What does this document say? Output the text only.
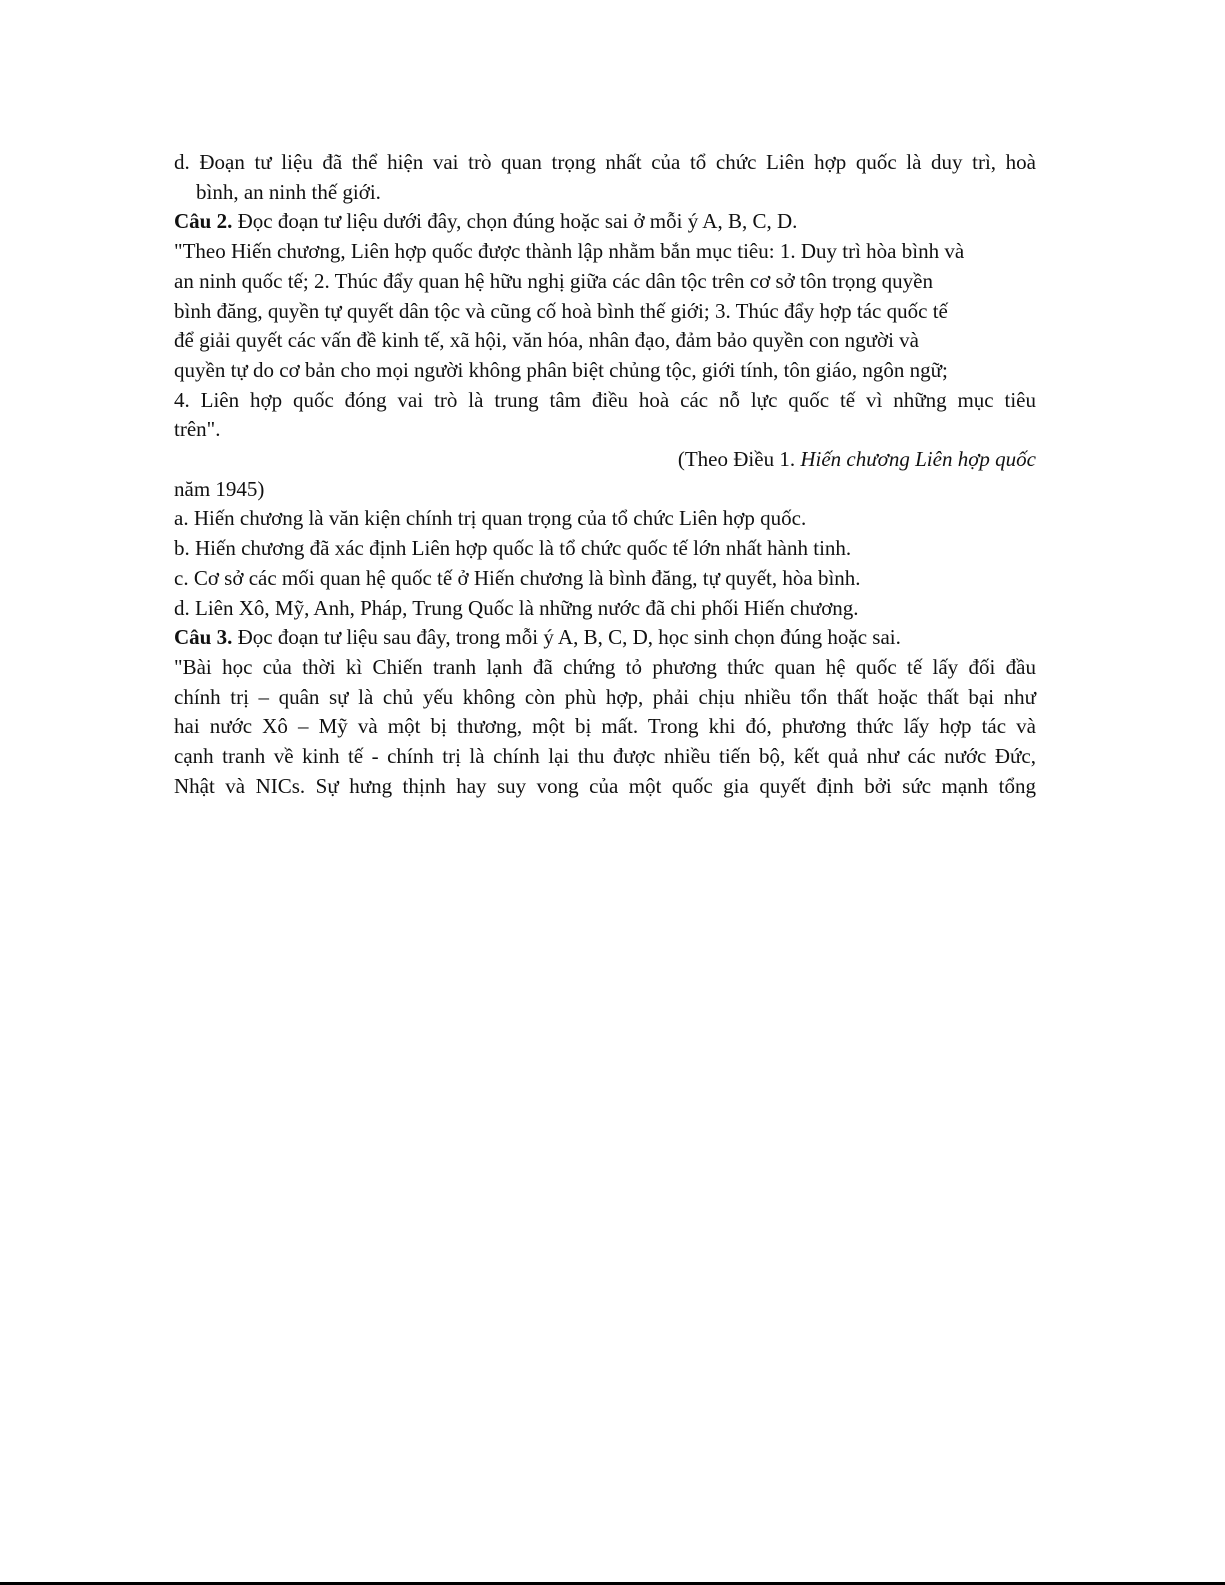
d. Đoạn tư liệu đã thể hiện vai trò quan trọng nhất của tổ chức Liên hợp quốc là duy trì, hoà

bình, an ninh thế giới.

Câu 2. Đọc đoạn tư liệu dưới đây, chọn đúng hoặc sai ở mỗi ý A, B, C, D.

"Theo Hiến chương, Liên hợp quốc được thành lập nhằm bắn mục tiêu: 1. Duy trì hòa bình và

an ninh quốc tế; 2. Thúc đẩy quan hệ hữu nghị giữa các dân tộc trên cơ sở tôn trọng quyền

bình đăng, quyền tự quyết dân tộc và cũng cố hoà bình thế giới; 3. Thúc đẩy hợp tác quốc tế

để giải quyết các vấn đề kinh tế, xã hội, văn hóa, nhân đạo, đảm bảo quyền con người và

quyền tự do cơ bản cho mọi người không phân biệt chủng tộc, giới tính, tôn giáo, ngôn ngữ;

4. Liên hợp quốc đóng vai trò là trung tâm điều hoà các nỗ lực quốc tế vì những mục tiêu

trên".

(Theo Điều 1. Hiến chương Liên hợp quốc

năm 1945)

a. Hiến chương là văn kiện chính trị quan trọng của tổ chức Liên hợp quốc.

b. Hiến chương đã xác định Liên hợp quốc là tổ chức quốc tế lớn nhất hành tinh.

c. Cơ sở các mối quan hệ quốc tế ở Hiến chương là bình đăng, tự quyết, hòa bình.

d. Liên Xô, Mỹ, Anh, Pháp, Trung Quốc là những nước đã chi phối Hiến chương.

Câu 3. Đọc đoạn tư liệu sau đây, trong mỗi ý A, B, C, D, học sinh chọn đúng hoặc sai.

"Bài học của thời kì Chiến tranh lạnh đã chứng tỏ phương thức quan hệ quốc tế lấy đối đầu

chính trị – quân sự là chủ yếu không còn phù hợp, phải chịu nhiều tổn thất hoặc thất bại như

hai nước Xô – Mỹ và một bị thương, một bị mất. Trong khi đó, phương thức lấy hợp tác và

cạnh tranh về kinh tế - chính trị là chính lại thu được nhiều tiến bộ, kết quả như các nước Đức,

Nhật và NICs. Sự hưng thịnh hay suy vong của một quốc gia quyết định bởi sức mạnh tổng
